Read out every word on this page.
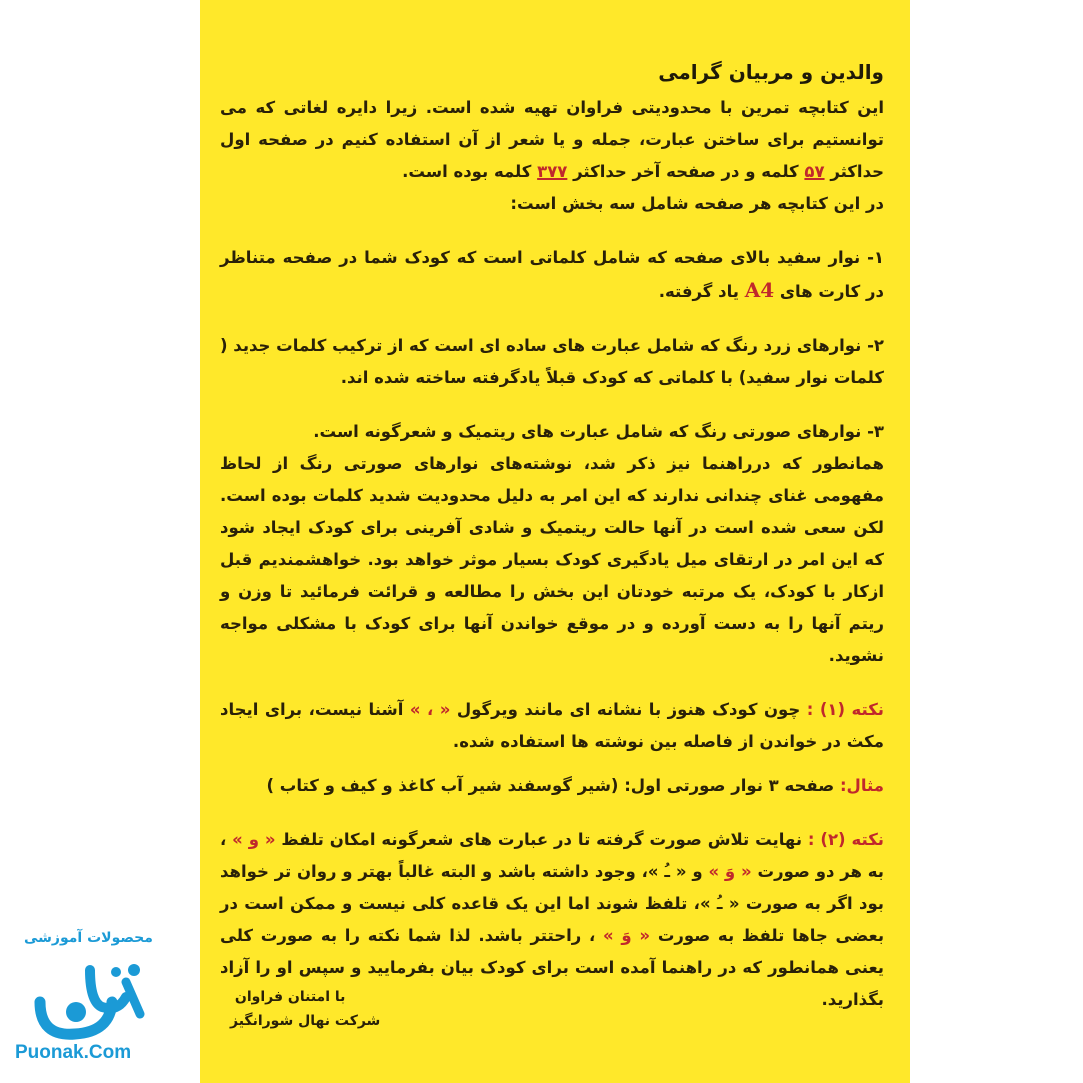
والدین و مربیان گرامی

این کتابچه تمرین با محدودیتی فراوان تهیه شده است. زیرا دایره لغاتی که می توانستیم برای ساختن عبارت، جمله و یا شعر از آن استفاده کنیم در صفحه اول حداکثر ۵۷ کلمه و در صفحه آخر حداکثر ۳۷۷ کلمه بوده است.

در این کتابچه هر صفحه شامل سه بخش است:

۱- نوار سفید بالای صفحه که شامل کلماتی است که کودک شما در صفحه متناظر در کارت های A4 یاد گرفته.

۲- نوارهای زرد رنگ که شامل عبارت های ساده ای است که از ترکیب کلمات جدید ( کلمات نوار سفید) با کلماتی که کودک قبلاً یادگرفته ساخته شده اند.

۳- نوارهای صورتی رنگ که شامل عبارت های ریتمیک و شعرگونه است.

همانطور که درراهنما نیز ذکر شد، نوشته‌های نوارهای صورتی رنگ از لحاظ مفهومی غنای چندانی ندارند که این امر به دلیل محدودیت شدید کلمات بوده است. لکن سعی شده است در آنها حالت ریتمیک و شادی آفرینی برای کودک ایجاد شود که این امر در ارتقای میل یادگیری کودک بسیار موثر خواهد بود. خواهشمندیم قبل ازکار با کودک، یک مرتبه خودتان این بخش را مطالعه و قرائت فرمائید تا وزن و ریتم آنها را به دست آورده و در موقع خواندن آنها برای کودک با مشکلی مواجه نشوید.

نکته (۱) : چون کودک هنوز با نشانه ای مانند ویرگول « ، » آشنا نیست، برای ایجاد مکث در خواندن از فاصله بین نوشته ها استفاده شده.

مثال: صفحه ۳ نوار صورتی اول: (شیر گوسفند شیر آب کاغذ و کیف و کتاب )

نکته (۲) : نهایت تلاش صورت گرفته تا در عبارت های شعرگونه امکان تلفظ « و » ، به هر دو صورت « وَ » و « ـُ »، وجود داشته باشد و البته غالباً بهتر و روان تر خواهد بود اگر به صورت « ـُ »، تلفظ شوند اما این یک قاعده کلی نیست و ممکن است در بعضی جاها تلفظ به صورت « وَ » ، راحتتر باشد. لذا شما نکته را به صورت کلی یعنی همانطور که در راهنما آمده است برای کودک بیان بفرمایید و سپس او را آزاد بگذارید.

با امتنان فراوان
شرکت نهال شورانگیز
محصولات آموزشی
Puonak.Com
